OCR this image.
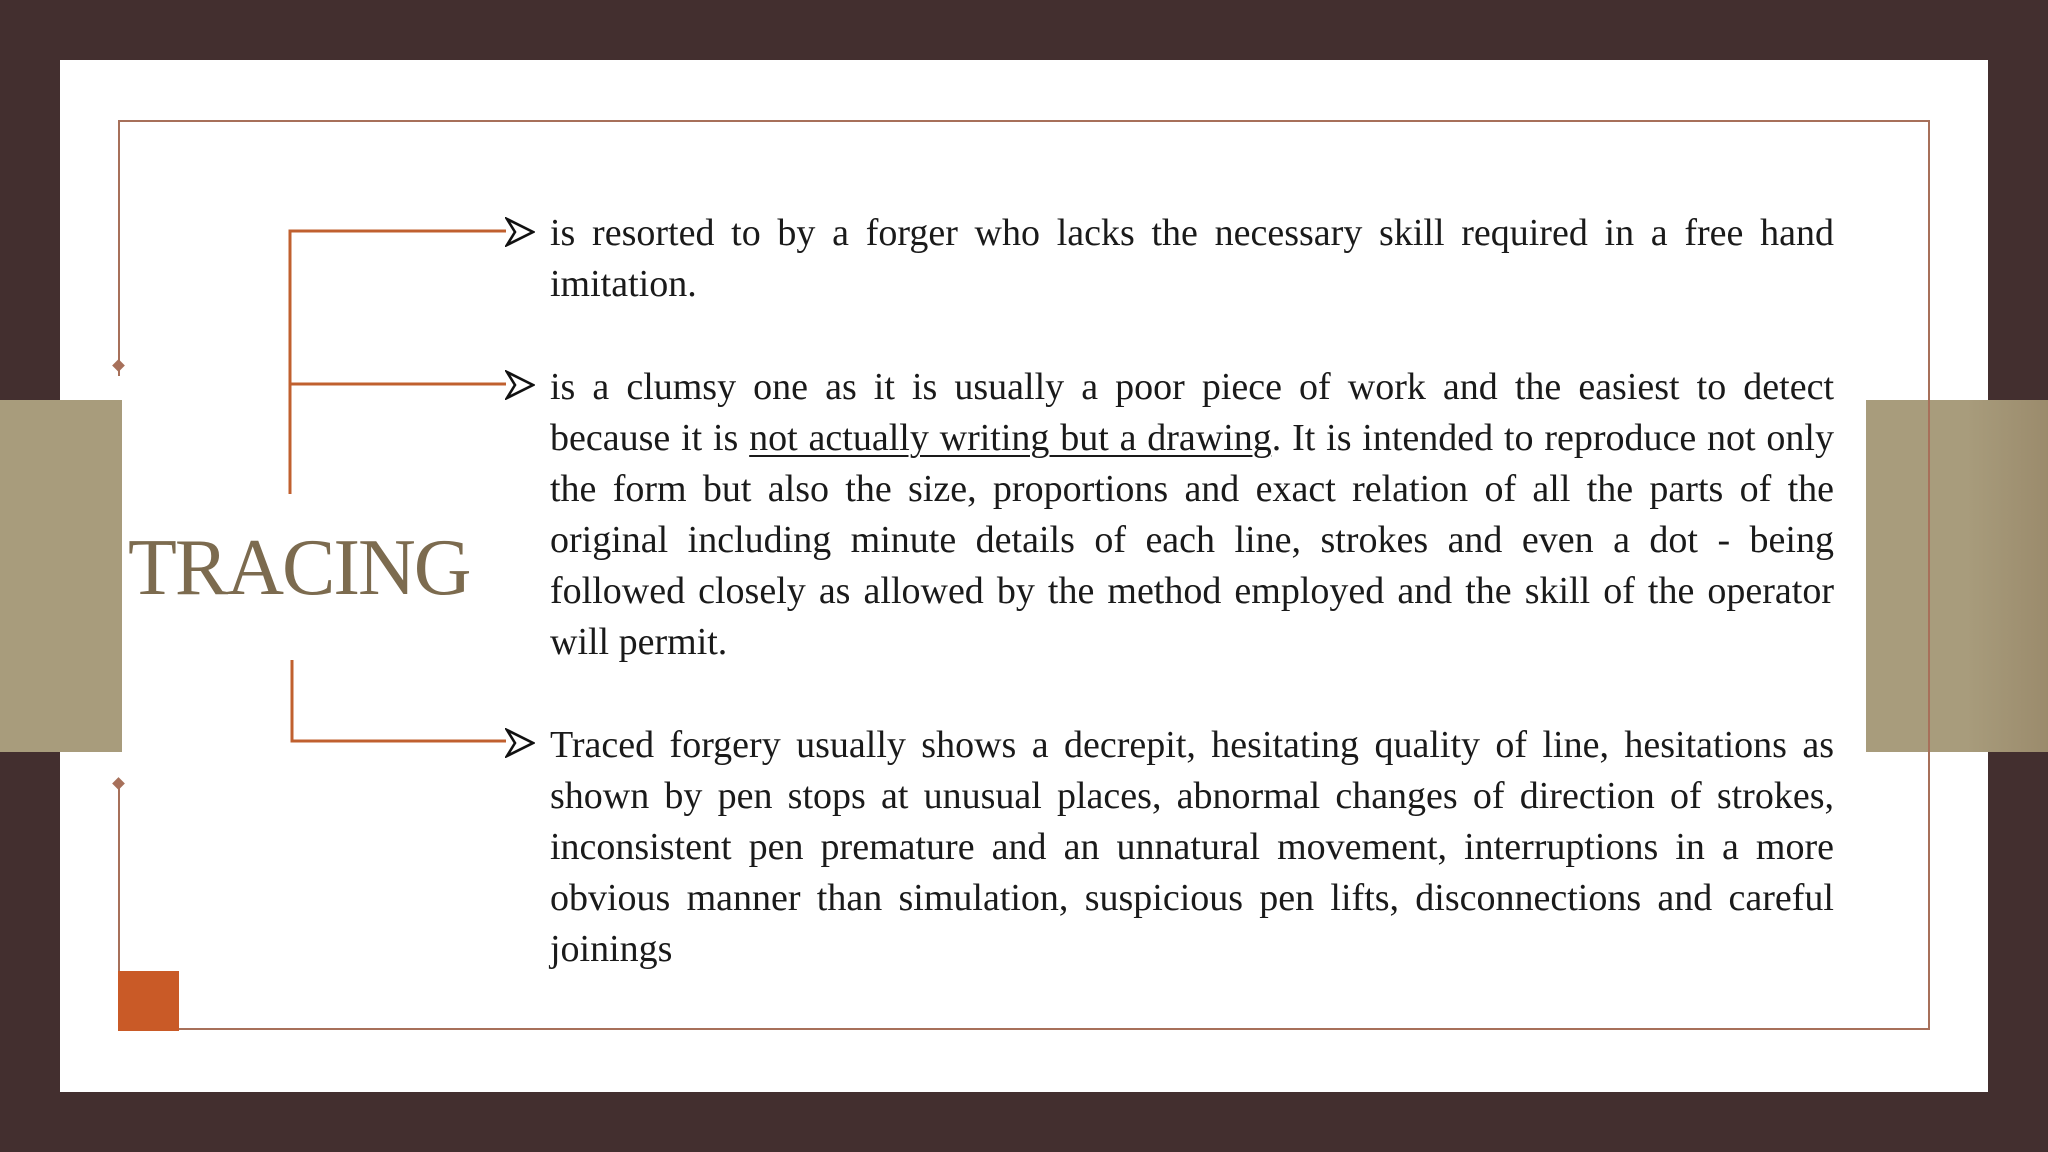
TRACING

is resorted to by a forger who lacks the necessary skill required in a free hand imitation.

is a clumsy one as it is usually a poor piece of work and the easiest to detect because it is not actually writing but a drawing. It is intended to reproduce not only the form but also the size, proportions and exact relation of all the parts of the original including minute details of each line, strokes and even a dot - being followed closely as allowed by the method employed and the skill of the operator will permit.

Traced forgery usually shows a decrepit, hesitating quality of line, hesitations as shown by pen stops at unusual places, abnormal changes of direction of strokes, inconsistent pen premature and an unnatural movement, interruptions in a more obvious manner than simulation, suspicious pen lifts, disconnections and careful joinings
